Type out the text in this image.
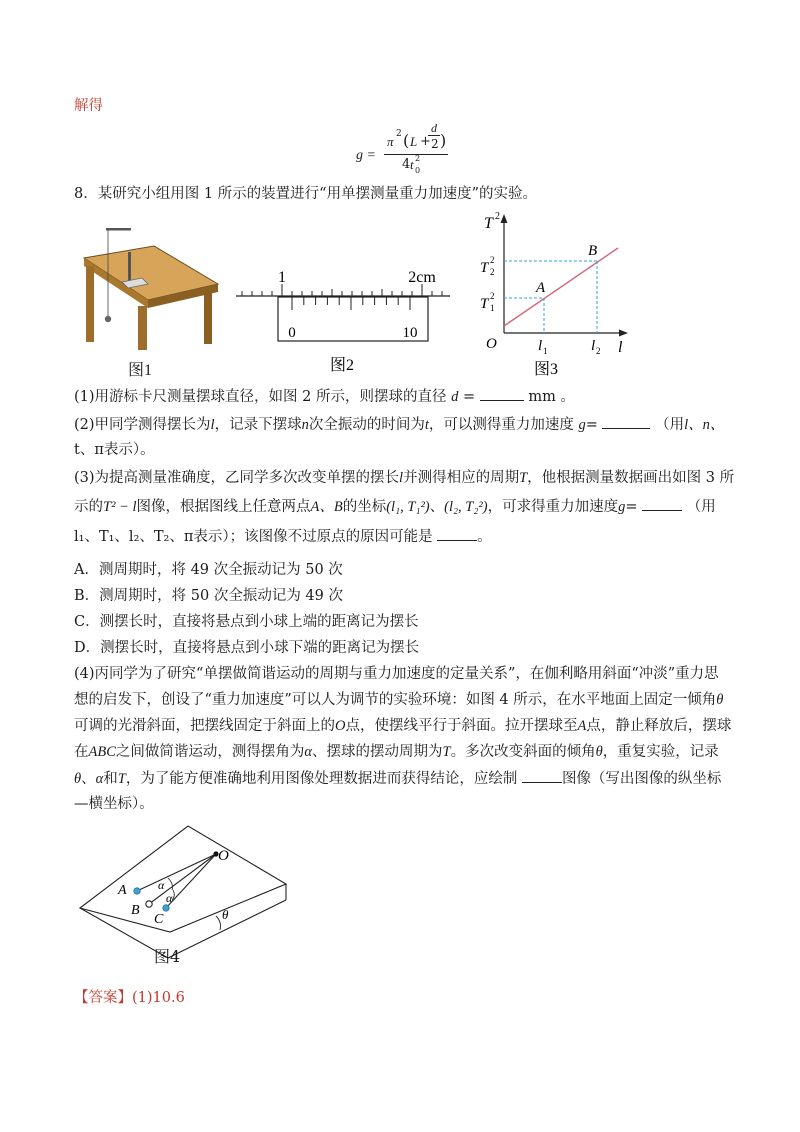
解得
g =
π 2 ( L +
d
2 )
4 t 0
2
8．某研究小组用图 1 所示的装置进行“用单摆测量重力加速度”的实验。
图1
1	2cm
0	10
图2
T 2
l
O
A
B
T 1
2
T 2
2
l 1	l 2
图3
(1)用游标卡尺测量摆球直径，如图 2 所示，则摆球的直径 d =	mm 。
(2)甲同学测得摆长为l，记录下摆球n次全振动的时间为t，可以测得重力加速度 g=	（用l、n、
t、π表示）。
(3)为提高测量准确度，乙同学多次改变单摆的摆长l并测得相应的周期T，他根据测量数据画出如图 3 所
示的T² − l图像，根据图线上任意两点A、B的坐标(l₁, T₁²)、(l₂, T₂²)，可求得重力加速度g=	（用
l₁、T₁、l₂、T₂、π表示）；该图像不过原点的原因可能是	。
A．测周期时，将 49 次全振动记为 50 次
B．测周期时，将 50 次全振动记为 49 次
C．测摆长时，直接将悬点到小球上端的距离记为摆长
D．测摆长时，直接将悬点到小球下端的距离记为摆长
(4)丙同学为了研究“单摆做简谐运动的周期与重力加速度的定量关系”，在伽利略用斜面“冲淡”重力思
想的启发下，创设了“重力加速度”可以人为调节的实验环境：如图 4 所示，在水平地面上固定一倾角θ
可调的光滑斜面，把摆线固定于斜面上的O点，使摆线平行于斜面。拉开摆球至A点，静止释放后，摆球
在ABC之间做简谐运动，测得摆角为α、摆球的摆动周期为T。多次改变斜面的倾角θ，重复实验，记录
θ、α和T，为了能方便准确地利用图像处理数据进而获得结论，应绘制	图像（写出图像的纵坐标
—横坐标）。
O
A
B
C
α
α
θ
图4
【答案】(1)10.6
